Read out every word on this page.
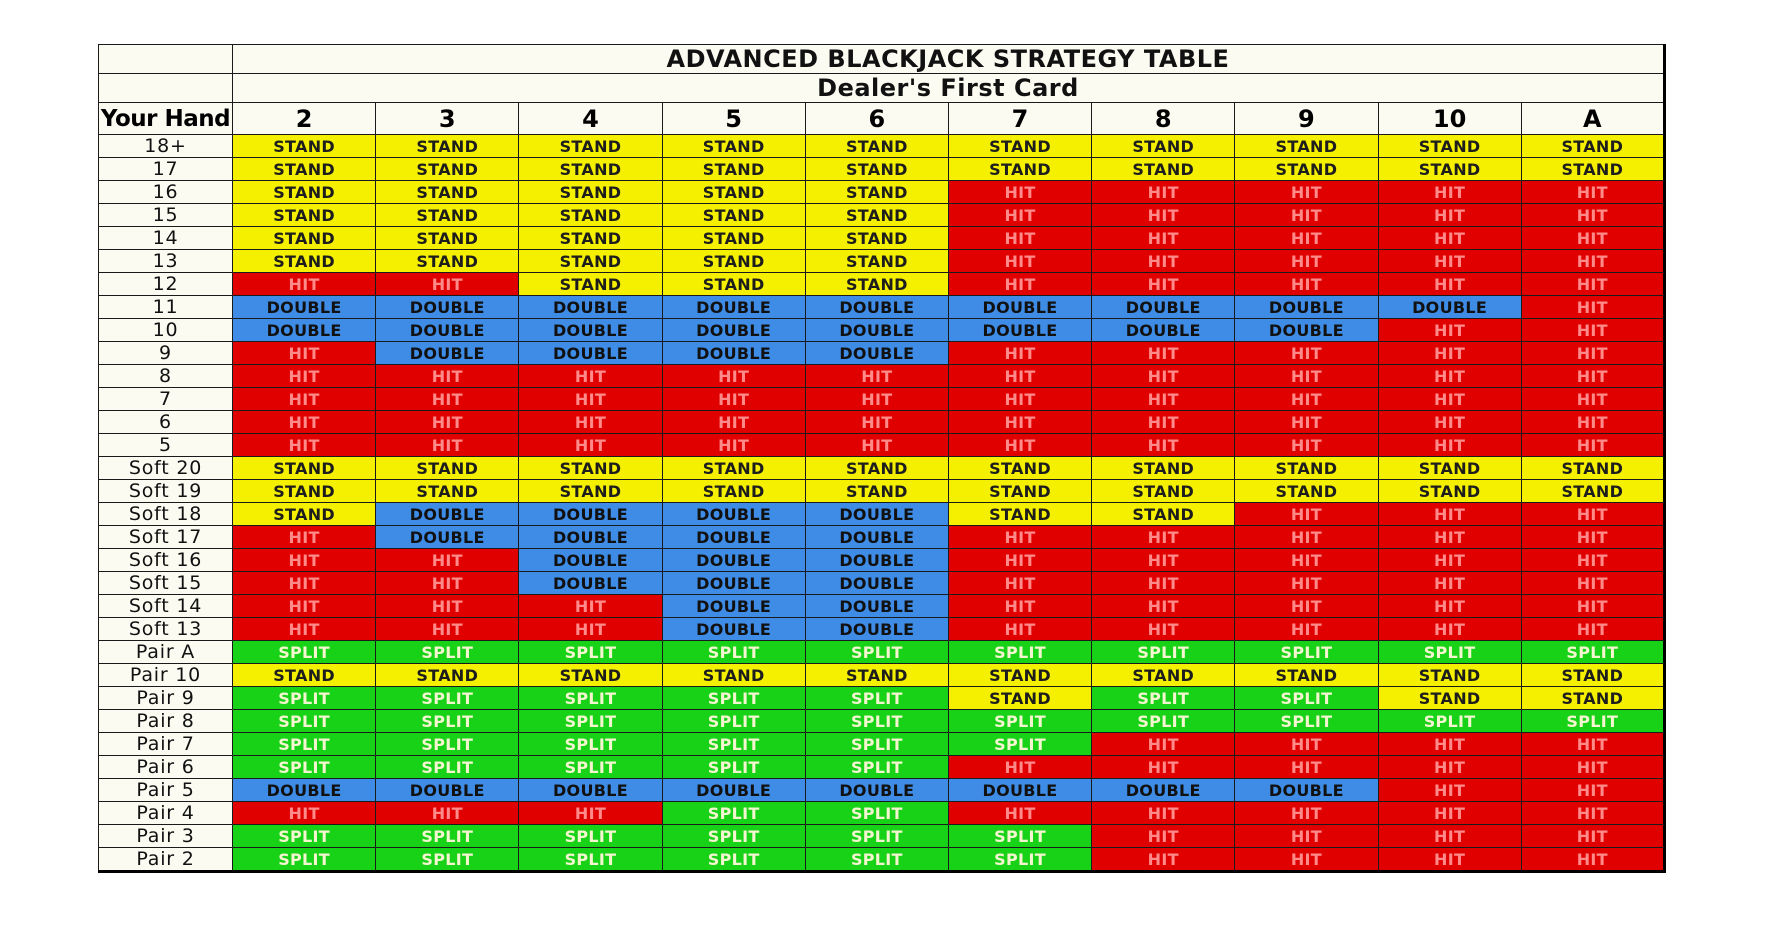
	ADVANCED BLACKJACK STRATEGY TABLE									
	Dealer's First Card									
Your Hand	2	3	4	5	6	7	8	9	10	A
18+	STAND	STAND	STAND	STAND	STAND	STAND	STAND	STAND	STAND	STAND
17	STAND	STAND	STAND	STAND	STAND	STAND	STAND	STAND	STAND	STAND
16	STAND	STAND	STAND	STAND	STAND	HIT	HIT	HIT	HIT	HIT
15	STAND	STAND	STAND	STAND	STAND	HIT	HIT	HIT	HIT	HIT
14	STAND	STAND	STAND	STAND	STAND	HIT	HIT	HIT	HIT	HIT
13	STAND	STAND	STAND	STAND	STAND	HIT	HIT	HIT	HIT	HIT
12	HIT	HIT	STAND	STAND	STAND	HIT	HIT	HIT	HIT	HIT
11	DOUBLE	DOUBLE	DOUBLE	DOUBLE	DOUBLE	DOUBLE	DOUBLE	DOUBLE	DOUBLE	HIT
10	DOUBLE	DOUBLE	DOUBLE	DOUBLE	DOUBLE	DOUBLE	DOUBLE	DOUBLE	HIT	HIT
9	HIT	DOUBLE	DOUBLE	DOUBLE	DOUBLE	HIT	HIT	HIT	HIT	HIT
8	HIT	HIT	HIT	HIT	HIT	HIT	HIT	HIT	HIT	HIT
7	HIT	HIT	HIT	HIT	HIT	HIT	HIT	HIT	HIT	HIT
6	HIT	HIT	HIT	HIT	HIT	HIT	HIT	HIT	HIT	HIT
5	HIT	HIT	HIT	HIT	HIT	HIT	HIT	HIT	HIT	HIT
Soft 20	STAND	STAND	STAND	STAND	STAND	STAND	STAND	STAND	STAND	STAND
Soft 19	STAND	STAND	STAND	STAND	STAND	STAND	STAND	STAND	STAND	STAND
Soft 18	STAND	DOUBLE	DOUBLE	DOUBLE	DOUBLE	STAND	STAND	HIT	HIT	HIT
Soft 17	HIT	DOUBLE	DOUBLE	DOUBLE	DOUBLE	HIT	HIT	HIT	HIT	HIT
Soft 16	HIT	HIT	DOUBLE	DOUBLE	DOUBLE	HIT	HIT	HIT	HIT	HIT
Soft 15	HIT	HIT	DOUBLE	DOUBLE	DOUBLE	HIT	HIT	HIT	HIT	HIT
Soft 14	HIT	HIT	HIT	DOUBLE	DOUBLE	HIT	HIT	HIT	HIT	HIT
Soft 13	HIT	HIT	HIT	DOUBLE	DOUBLE	HIT	HIT	HIT	HIT	HIT
Pair A	SPLIT	SPLIT	SPLIT	SPLIT	SPLIT	SPLIT	SPLIT	SPLIT	SPLIT	SPLIT
Pair 10	STAND	STAND	STAND	STAND	STAND	STAND	STAND	STAND	STAND	STAND
Pair 9	SPLIT	SPLIT	SPLIT	SPLIT	SPLIT	STAND	SPLIT	SPLIT	STAND	STAND
Pair 8	SPLIT	SPLIT	SPLIT	SPLIT	SPLIT	SPLIT	SPLIT	SPLIT	SPLIT	SPLIT
Pair 7	SPLIT	SPLIT	SPLIT	SPLIT	SPLIT	SPLIT	HIT	HIT	HIT	HIT
Pair 6	SPLIT	SPLIT	SPLIT	SPLIT	SPLIT	HIT	HIT	HIT	HIT	HIT
Pair 5	DOUBLE	DOUBLE	DOUBLE	DOUBLE	DOUBLE	DOUBLE	DOUBLE	DOUBLE	HIT	HIT
Pair 4	HIT	HIT	HIT	SPLIT	SPLIT	HIT	HIT	HIT	HIT	HIT
Pair 3	SPLIT	SPLIT	SPLIT	SPLIT	SPLIT	SPLIT	HIT	HIT	HIT	HIT
Pair 2	SPLIT	SPLIT	SPLIT	SPLIT	SPLIT	SPLIT	HIT	HIT	HIT	HIT
